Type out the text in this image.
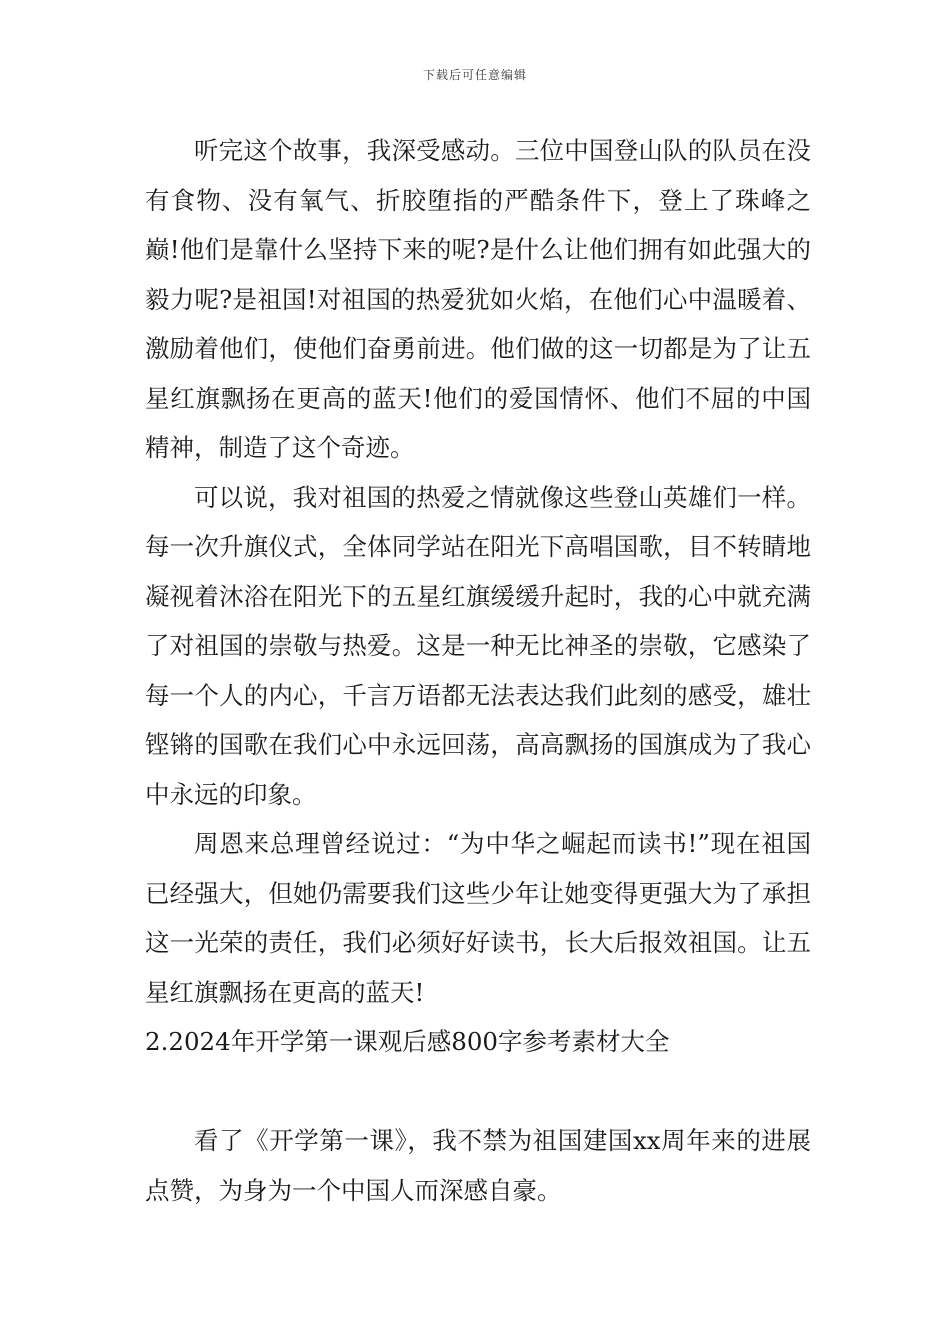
下载后可任意编辑

听完这个故事，我深受感动。三位中国登山队的队员在没有食物、没有氧气、折胶堕指的严酷条件下，登上了珠峰之巅!他们是靠什么坚持下来的呢?是什么让他们拥有如此强大的毅力呢?是祖国!对祖国的热爱犹如火焰，在他们心中温暖着、激励着他们，使他们奋勇前进。他们做的这一切都是为了让五星红旗飘扬在更高的蓝天!他们的爱国情怀、他们不屈的中国精神，制造了这个奇迹。

可以说，我对祖国的热爱之情就像这些登山英雄们一样。每一次升旗仪式，全体同学站在阳光下高唱国歌，目不转睛地凝视着沐浴在阳光下的五星红旗缓缓升起时，我的心中就充满了对祖国的崇敬与热爱。这是一种无比神圣的崇敬，它感染了每一个人的内心，千言万语都无法表达我们此刻的感受，雄壮铿锵的国歌在我们心中永远回荡，高高飘扬的国旗成为了我心中永远的印象。

周恩来总理曾经说过：“为中华之崛起而读书!”现在祖国已经强大，但她仍需要我们这些少年让她变得更强大为了承担这一光荣的责任，我们必须好好读书，长大后报效祖国。让五星红旗飘扬在更高的蓝天!

2.2024年开学第一课观后感800字参考素材大全

看了《开学第一课》，我不禁为祖国建国xx周年来的进展点赞，为身为一个中国人而深感自豪。
